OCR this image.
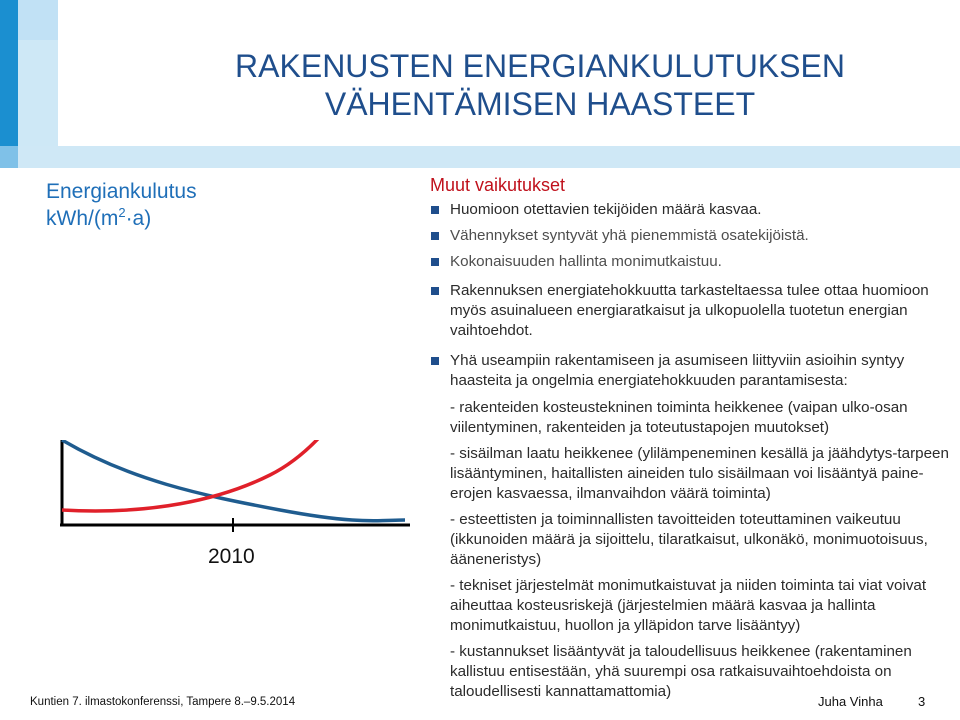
RAKENUSTEN ENERGIANKULUTUKSEN
VÄHENTÄMISEN HAASTEET
Energiankulutus
kWh/$(m^2\cdot a)$
2010
Muut vaikutukset
Huomioon otettavien tekijöiden määrä kasvaa.
Vähennykset syntyvät yhä pienemmistä osatekijöistä.
Kokonaisuuden hallinta monimutkaistuu.
Rakennuksen energiatehokkuutta tarkasteltaessa tulee ottaa huomioon myös asuinalueen energiaratkaisut ja ulkopuolella tuotetun energian vaihtoehdot.
Yhä useampiin rakentamiseen ja asumiseen liittyviin asioihin syntyy haasteita ja ongelmia energiatehokkuuden parantamisesta:
- rakenteiden kosteustekninen toiminta heikkenee (vaipan ulko-osan viilentyminen, rakenteiden ja toteutustapojen muutokset)
- sisäilman laatu heikkenee (ylilämpeneminen kesällä ja jäähdytys-tarpeen lisääntyminen, haitallisten aineiden tulo sisäilmaan voi lisääntyä paine-erojen kasvaessa, ilmanvaihdon väärä toiminta)
- esteettisten ja toiminnallisten tavoitteiden toteuttaminen vaikeutuu (ikkunoiden määrä ja sijoittelu, tilaratkaisut, ulkonäkö, monimuotoisuus, ääneneristys)
- tekniset järjestelmät monimutkaistuvat ja niiden toiminta tai viat voivat aiheuttaa kosteusriskejä (järjestelmien määrä kasvaa ja hallinta monimutkaistuu, huollon ja ylläpidon tarve lisääntyy)
- kustannukset lisääntyvät ja taloudellisuus heikkenee (rakentaminen kallistuu entisestään, yhä suurempi osa ratkaisuvaihtoehdoista on taloudellisesti kannattamattomia)
Kuntien 7. ilmastokonferenssi, Tampere 8.–9.5.2014	Juha Vinha	3
